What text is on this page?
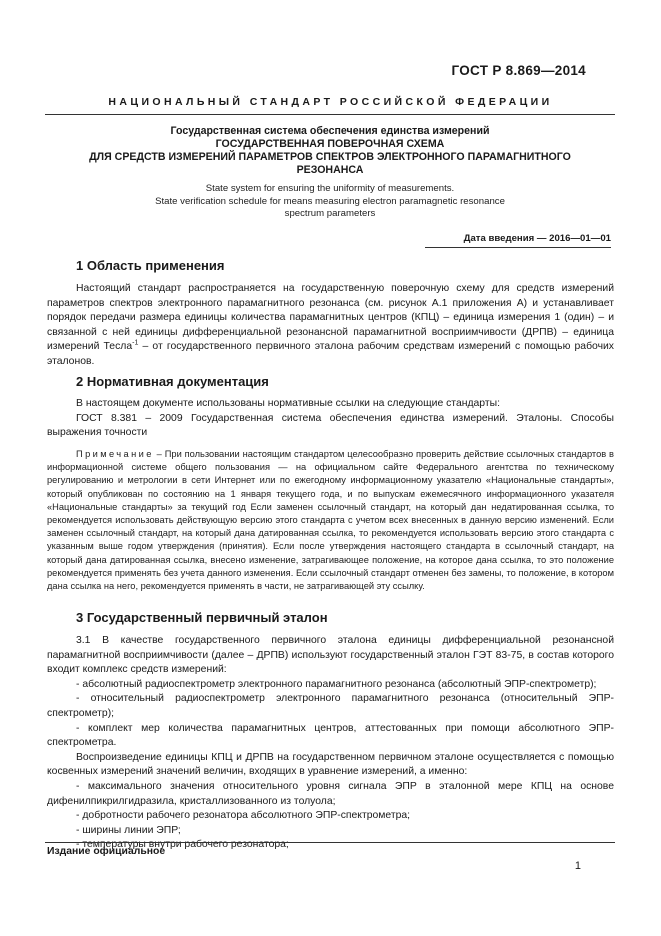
ГОСТ Р 8.869—2014
НАЦИОНАЛЬНЫЙ СТАНДАРТ РОССИЙСКОЙ ФЕДЕРАЦИИ
Государственная система обеспечения единства измерений
ГОСУДАРСТВЕННАЯ ПОВЕРОЧНАЯ СХЕМА
ДЛЯ СРЕДСТВ ИЗМЕРЕНИЙ ПАРАМЕТРОВ СПЕКТРОВ ЭЛЕКТРОННОГО ПАРАМАГНИТНОГО
РЕЗОНАНСА
State system for ensuring the uniformity of measurements.
State verification schedule for means measuring electron paramagnetic resonance
spectrum parameters
Дата введения — 2016—01—01
1 Область применения

Настоящий стандарт распространяется на государственную поверочную схему для средств измерений параметров спектров электронного парамагнитного резонанса (см. рисунок А.1 приложения А) и устанавливает порядок передачи размера единицы количества парамагнитных центров (КПЦ) – единица измерения 1 (один) – и связанной с ней единицы дифференциальной резонансной парамагнитной восприимчивости (ДРПВ) – единица измерений Тесла$^{-1}$ – от государственного первичного эталона рабочим средствам измерений с помощью рабочих эталонов.

2 Нормативная документация

В настоящем документе использованы нормативные ссылки на следующие стандарты:

ГОСТ 8.381 – 2009 Государственная система обеспечения единства измерений. Эталоны. Способы выражения точности

Примечание – При пользовании настоящим стандартом целесообразно проверить действие ссылочных стандартов в информационной системе общего пользования — на официальном сайте Федерального агентства по техническому регулированию и метрологии в сети Интернет или по ежегодному информационному указателю «Национальные стандарты», который опубликован по состоянию на 1 января текущего года, и по выпускам ежемесячного информационного указателя «Национальные стандарты» за текущий год Если заменен ссылочный стандарт, на который дан недатированная ссылка, то рекомендуется использовать действующую версию этого стандарта с учетом всех внесенных в данную версию изменений. Если заменен ссылочный стандарт, на который дана датированная ссылка, то рекомендуется использовать версию этого стандарта с указанным выше годом утверждения (принятия). Если после утверждения настоящего стандарта в ссылочный стандарт, на который дана датированная ссылка, внесено изменение, затрагивающее положение, на которое дана ссылка, то это положение рекомендуется применять без учета данного изменения. Если ссылочный стандарт отменен без замены, то положение, в котором дана ссылка на него, рекомендуется применять в части, не затрагивающей эту ссылку.

3 Государственный первичный эталон

3.1 В качестве государственного первичного эталона единицы дифференциальной резонансной парамагнитной восприимчивости (далее – ДРПВ) используют государственный эталон ГЭТ 83-75, в состав которого входит комплекс средств измерений:

- абсолютный радиоспектрометр электронного парамагнитного резонанса (абсолютный ЭПР-спектрометр);

- относительный радиоспектрометр электронного парамагнитного резонанса (относительный ЭПР-спектрометр);

- комплект мер количества парамагнитных центров, аттестованных при помощи абсолютного ЭПР-спектрометра.

Воспроизведение единицы КПЦ и ДРПВ на государственном первичном эталоне осуществляется с помощью косвенных измерений значений величин, входящих в уравнение измерений, а именно:

- максимального значения относительного уровня сигнала ЭПР в эталонной мере КПЦ на основе дифенилпикрилгидразила, кристаллизованного из толуола;

- добротности рабочего резонатора абсолютного ЭПР-спектрометра;

- ширины линии ЭПР;

- температуры внутри рабочего резонатора;

Издание официальное
1
